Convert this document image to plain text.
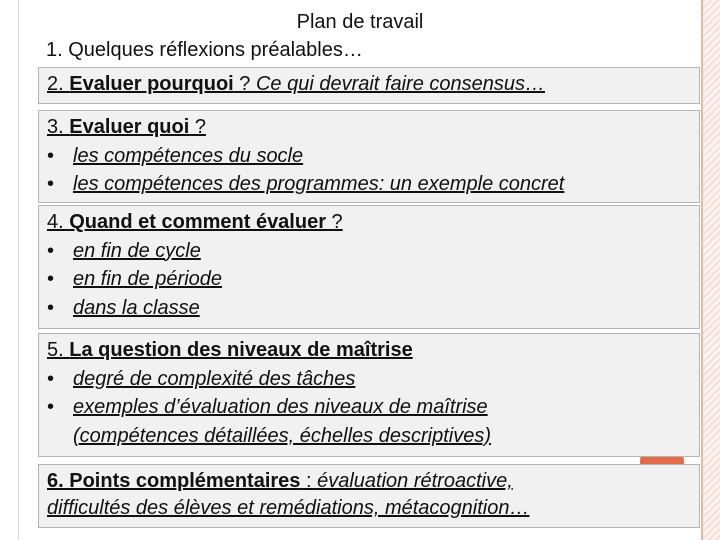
Plan de travail
1. Quelques réflexions préalables…
2. Evaluer pourquoi ? Ce qui devrait faire consensus…
3. Evaluer quoi ?
• les compétences du socle
• les compétences des programmes: un exemple concret
4. Quand et comment évaluer ?
• en fin de cycle
• en fin de période
• dans la classe
5. La question des niveaux de maîtrise
• degré de complexité des tâches
• exemples d’évaluation des niveaux de maîtrise
(compétences détaillées, échelles descriptives)
6. Points complémentaires : évaluation rétroactive,
difficultés des élèves et remédiations, métacognition…
